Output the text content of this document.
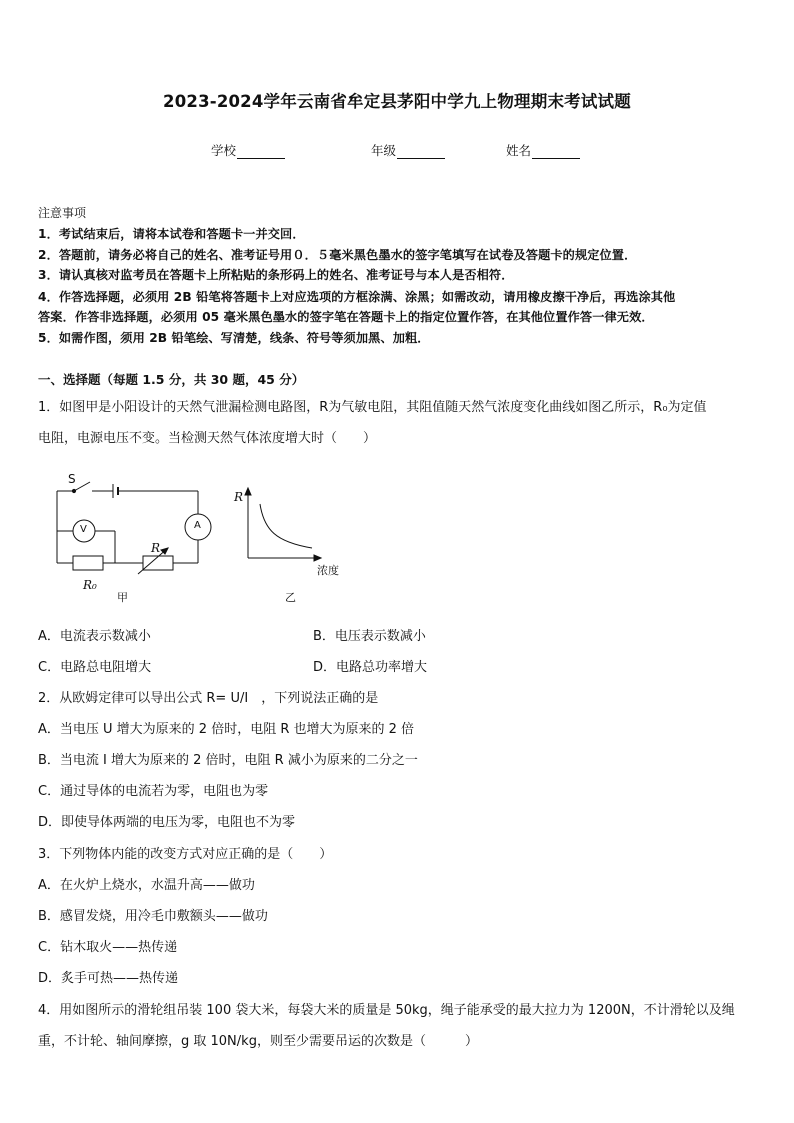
2023-2024学年云南省牟定县茅阳中学九上物理期末考试试题
学校	年级	姓名
注意事项
1．考试结束后，请将本试卷和答题卡一并交回．
2．答题前，请务必将自己的姓名、准考证号用０．５毫米黑色墨水的签字笔填写在试卷及答题卡的规定位置．
3．请认真核对监考员在答题卡上所粘贴的条形码上的姓名、准考证号与本人是否相符．
4．作答选择题，必须用 2B 铅笔将答题卡上对应选项的方框涂满、涂黑；如需改动，请用橡皮擦干净后，再选涂其他
答案．作答非选择题，必须用 05 毫米黑色墨水的签字笔在答题卡上的指定位置作答，在其他位置作答一律无效．
5．如需作图，须用 2B 铅笔绘、写清楚，线条、符号等须加黑、加粗．
一、选择题（每题 1.5 分，共 30 题，45 分）
1．如图甲是小阳设计的天然气泄漏检测电路图，R为气敏电阻，其阻值随天然气浓度变化曲线如图乙所示，R₀为定值
电阻，电源电压不变。当检测天然气体浓度增大时（　　）
S
V	A
R
R₀
甲
R
浓度
乙
A．电流表示数减小	B．电压表示数减小
C．电路总电阻增大	D．电路总功率增大
2．从欧姆定律可以导出公式 R= U/I　，下列说法正确的是
A．当电压 U 增大为原来的 2 倍时，电阻 R 也增大为原来的 2 倍
B．当电流 I 增大为原来的 2 倍时，电阻 R 减小为原来的二分之一
C．通过导体的电流若为零，电阻也为零
D．即使导体两端的电压为零，电阻也不为零
3．下列物体内能的改变方式对应正确的是（　　）
A．在火炉上烧水，水温升高——做功
B．感冒发烧，用冷毛巾敷额头——做功
C．钻木取火——热传递
D．炙手可热——热传递
4．用如图所示的滑轮组吊装 100 袋大米，每袋大米的质量是 50kg，绳子能承受的最大拉力为 1200N，不计滑轮以及绳
重，不计轮、轴间摩擦，g 取 10N/kg，则至少需要吊运的次数是（　　　）
